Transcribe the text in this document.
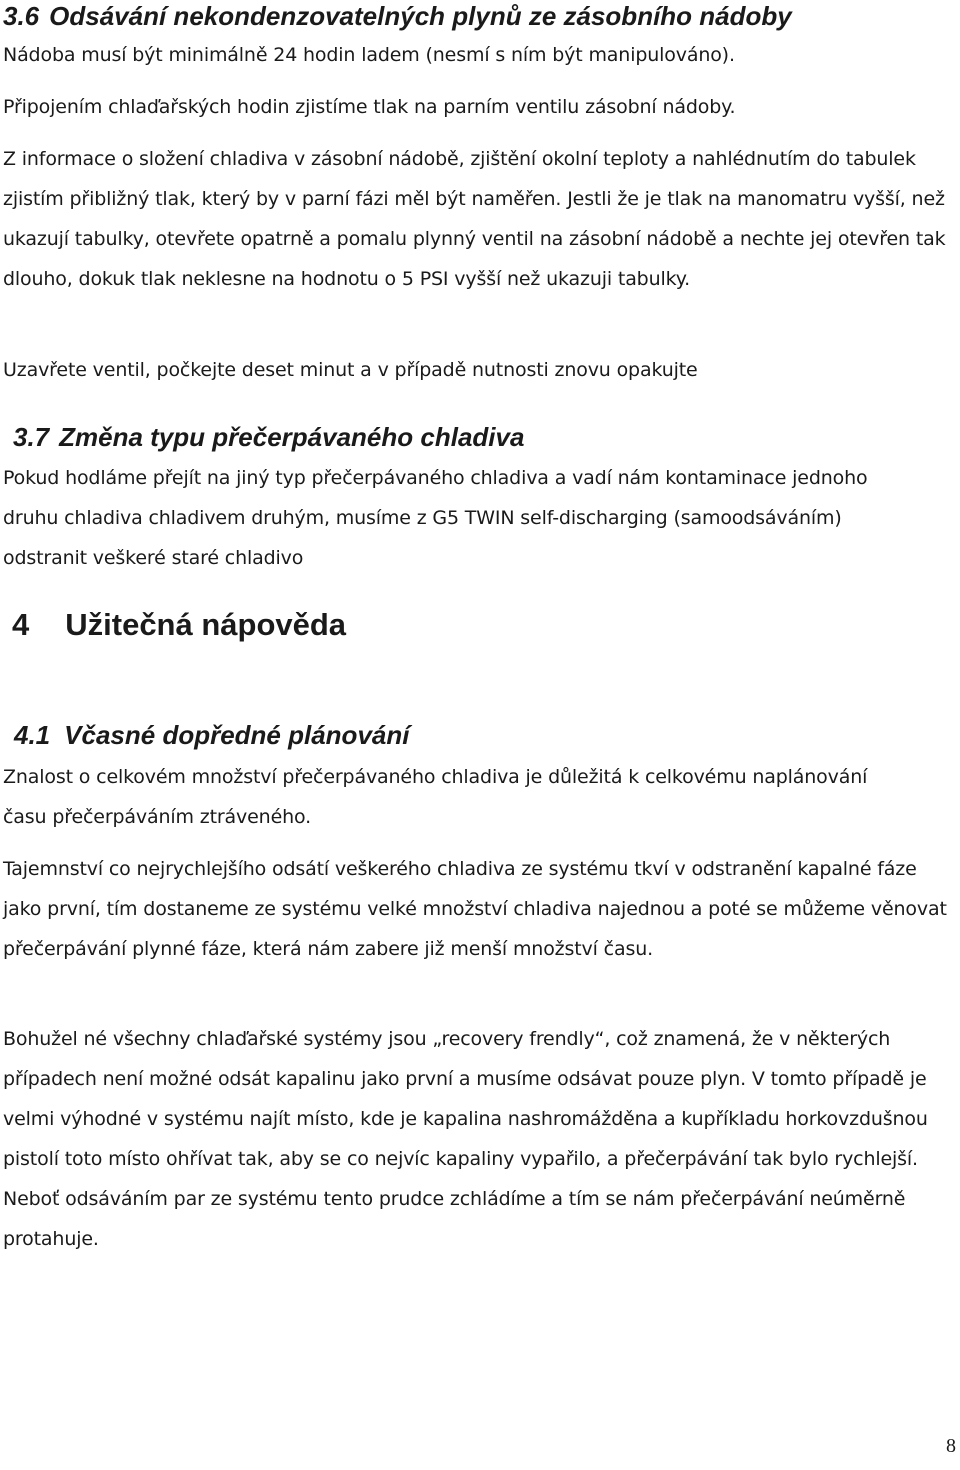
3.6 Odsávání nekondenzovatelných plynů ze zásobního nádoby

Nádoba musí být minimálně 24 hodin ladem (nesmí s ním být manipulováno).

Připojením chlaďařských hodin zjistíme tlak na parním ventilu zásobní nádoby.

Z informace o složení chladiva v zásobní nádobě, zjištění okolní teploty a nahlédnutím do tabulek zjistím přibližný tlak, který by v parní fázi měl být naměřen. Jestli že je tlak na manomatru vyšší, než ukazují tabulky, otevřete opatrně a pomalu plynný ventil na zásobní nádobě a nechte jej otevřen tak dlouho, dokuk tlak neklesne na hodnotu o 5 PSI vyšší než ukazuji tabulky.

Uzavřete ventil, počkejte deset minut a v případě nutnosti znovu opakujte

3.7 Změna typu přečerpávaného chladiva

Pokud hodláme přejít na jiný typ přečerpávaného chladiva a vadí nám kontaminace jednoho druhu chladiva chladivem druhým, musíme z G5 TWIN self-discharging (samoodsáváním) odstranit veškeré staré chladivo

4 Užitečná nápověda
4.1 Včasné dopředné plánování

Znalost o celkovém množství přečerpávaného chladiva je důležitá k celkovému naplánování času přečerpáváním ztráveného.

Tajemnství co nejrychlejšího odsátí veškerého chladiva ze systému tkví v odstranění kapalné fáze jako první, tím dostaneme ze systému velké množství chladiva najednou a poté se můžeme věnovat přečerpávání plynné fáze, která nám zabere již menší množství času.

Bohužel né všechny chlaďařské systémy jsou „recovery frendly“, což znamená, že v některých případech není možné odsát kapalinu jako první a musíme odsávat pouze plyn. V tomto případě je velmi výhodné v systému najít místo, kde je kapalina nashromážděna a kupříkladu horkovzdušnou pistolí toto místo ohřívat tak, aby se co nejvíc kapaliny vypařilo, a přečerpávání tak bylo rychlejší. Neboť odsáváním par ze systému tento prudce zchládíme a tím se nám přečerpávání neúměrně protahuje.

8
